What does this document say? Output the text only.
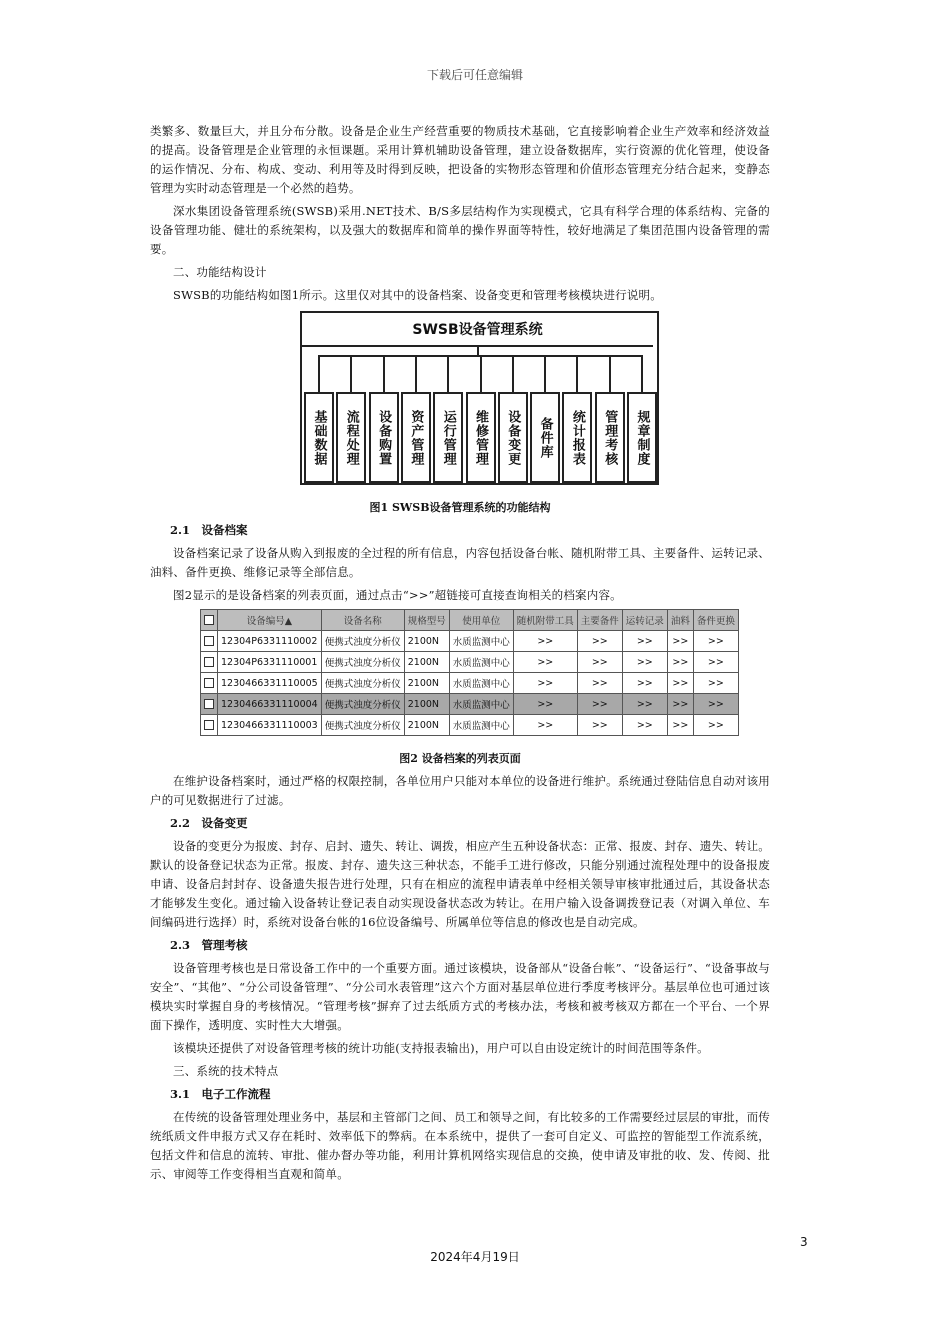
下载后可任意编辑

类繁多、数量巨大，并且分布分散。设备是企业生产经营重要的物质技术基础，它直接影响着企业生产效率和经济效益的提高。设备管理是企业管理的永恒课题。采用计算机辅助设备管理，建立设备数据库，实行资源的优化管理，使设备的运作情况、分布、构成、变动、利用等及时得到反映，把设备的实物形态管理和价值形态管理充分结合起来，变静态管理为实时动态管理是一个必然的趋势。

深水集团设备管理系统(SWSB)采用.NET技术、B/S多层结构作为实现模式，它具有科学合理的体系结构、完备的设备管理功能、健壮的系统架构，以及强大的数据库和简单的操作界面等特性，较好地满足了集团范围内设备管理的需要。

二、功能结构设计

SWSB的功能结构如图1所示。这里仅对其中的设备档案、设备变更和管理考核模块进行说明。

SWSB设备管理系统
基础数据 流程处理 设备购置 资产管理 运行管理 维修管理 设备变更 备件库 统计报表 管理考核 规章制度
图1 SWSB设备管理系统的功能结构

2.1　设备档案

设备档案记录了设备从购入到报废的全过程的所有信息，内容包括设备台帐、随机附带工具、主要备件、运转记录、油料、备件更换、维修记录等全部信息。

图2显示的是设备档案的列表页面，通过点击“>>”超链接可直接查询相关的档案内容。

	设备编号▲	设备名称	规格型号	使用单位	随机附带工具	主要备件	运转记录	油料	备件更换
	12304P6331110002	便携式浊度分析仪	2100N	水质监测中心	>>	>>	>>	>>	>>
	12304P6331110001	便携式浊度分析仪	2100N	水质监测中心	>>	>>	>>	>>	>>
	1230466331110005	便携式浊度分析仪	2100N	水质监测中心	>>	>>	>>	>>	>>
	1230466331110004	便携式浊度分析仪	2100N	水质监测中心	>>	>>	>>	>>	>>
	1230466331110003	便携式浊度分析仪	2100N	水质监测中心	>>	>>	>>	>>	>>
图2 设备档案的列表页面

在维护设备档案时，通过严格的权限控制，各单位用户只能对本单位的设备进行维护。系统通过登陆信息自动对该用户的可见数据进行了过滤。

2.2　设备变更

设备的变更分为报废、封存、启封、遗失、转让、调拨，相应产生五种设备状态：正常、报废、封存、遗失、转让。默认的设备登记状态为正常。报废、封存、遗失这三种状态，不能手工进行修改，只能分别通过流程处理中的设备报废申请、设备启封封存、设备遗失报告进行处理，只有在相应的流程申请表单中经相关领导审核审批通过后，其设备状态才能够发生变化。通过输入设备转让登记表自动实现设备状态改为转让。在用户输入设备调拨登记表（对调入单位、车间编码进行选择）时，系统对设备台帐的16位设备编号、所属单位等信息的修改也是自动完成。

2.3　管理考核

设备管理考核也是日常设备工作中的一个重要方面。通过该模块，设备部从“设备台帐”、“设备运行”、“设备事故与安全”、“其他”、“分公司设备管理”、“分公司水表管理”这六个方面对基层单位进行季度考核评分。基层单位也可通过该模块实时掌握自身的考核情况。“管理考核”摒弃了过去纸质方式的考核办法，考核和被考核双方都在一个平台、一个界面下操作，透明度、实时性大大增强。

该模块还提供了对设备管理考核的统计功能(支持报表输出)，用户可以自由设定统计的时间范围等条件。

三、系统的技术特点

3.1　电子工作流程

在传统的设备管理处理业务中，基层和主管部门之间、员工和领导之间，有比较多的工作需要经过层层的审批，而传统纸质文件申报方式又存在耗时、效率低下的弊病。在本系统中，提供了一套可自定义、可监控的智能型工作流系统，包括文件和信息的流转、审批、催办督办等功能，利用计算机网络实现信息的交换，使申请及审批的收、发、传阅、批示、审阅等工作变得相当直观和简单。

3
2024年4月19日
